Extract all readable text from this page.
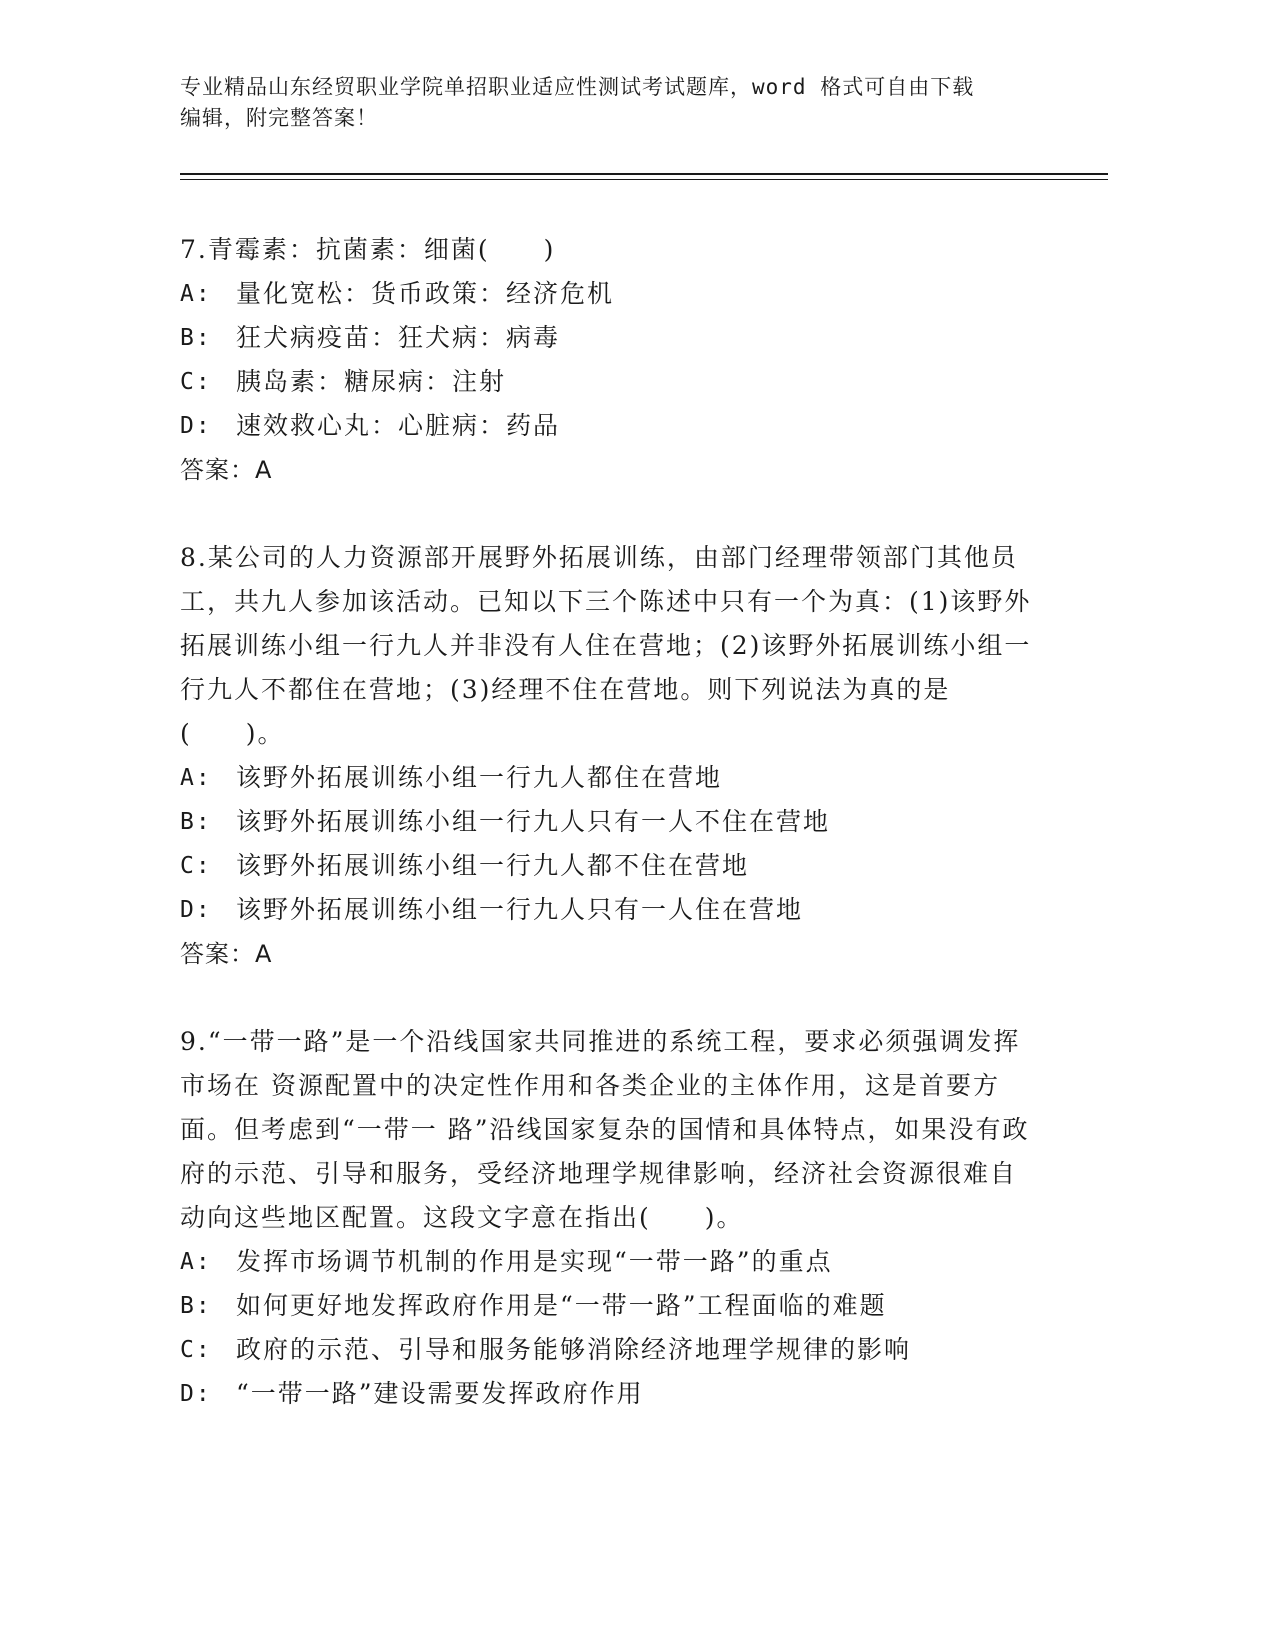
专业精品山东经贸职业学院单招职业适应性测试考试题库，word 格式可自由下载
编辑，附完整答案！

7.青霉素：抗菌素：细菌(　　)

A: 量化宽松：货币政策：经济危机

B: 狂犬病疫苗：狂犬病：病毒

C: 胰岛素：糖尿病：注射

D: 速效救心丸：心脏病：药品

答案：A

8.某公司的人力资源部开展野外拓展训练，由部门经理带领部门其他员工，共九人参加该活动。已知以下三个陈述中只有一个为真：(1)该野外拓展训练小组一行九人并非没有人住在营地；(2)该野外拓展训练小组一行九人不都住在营地；(3)经理不住在营地。则下列说法为真的是(　　)。

A: 该野外拓展训练小组一行九人都住在营地

B: 该野外拓展训练小组一行九人只有一人不住在营地

C: 该野外拓展训练小组一行九人都不住在营地

D: 该野外拓展训练小组一行九人只有一人住在营地

答案：A

9.“一带一路”是一个沿线国家共同推进的系统工程，要求必须强调发挥市场在 资源配置中的决定性作用和各类企业的主体作用，这是首要方面。但考虑到“一带一 路”沿线国家复杂的国情和具体特点，如果没有政府的示范、引导和服务，受经济地理学规律影响，经济社会资源很难自动向这些地区配置。这段文字意在指出(　　)。

A: 发挥市场调节机制的作用是实现“一带一路”的重点

B: 如何更好地发挥政府作用是“一带一路”工程面临的难题

C: 政府的示范、引导和服务能够消除经济地理学规律的影响

D: “一带一路”建设需要发挥政府作用
